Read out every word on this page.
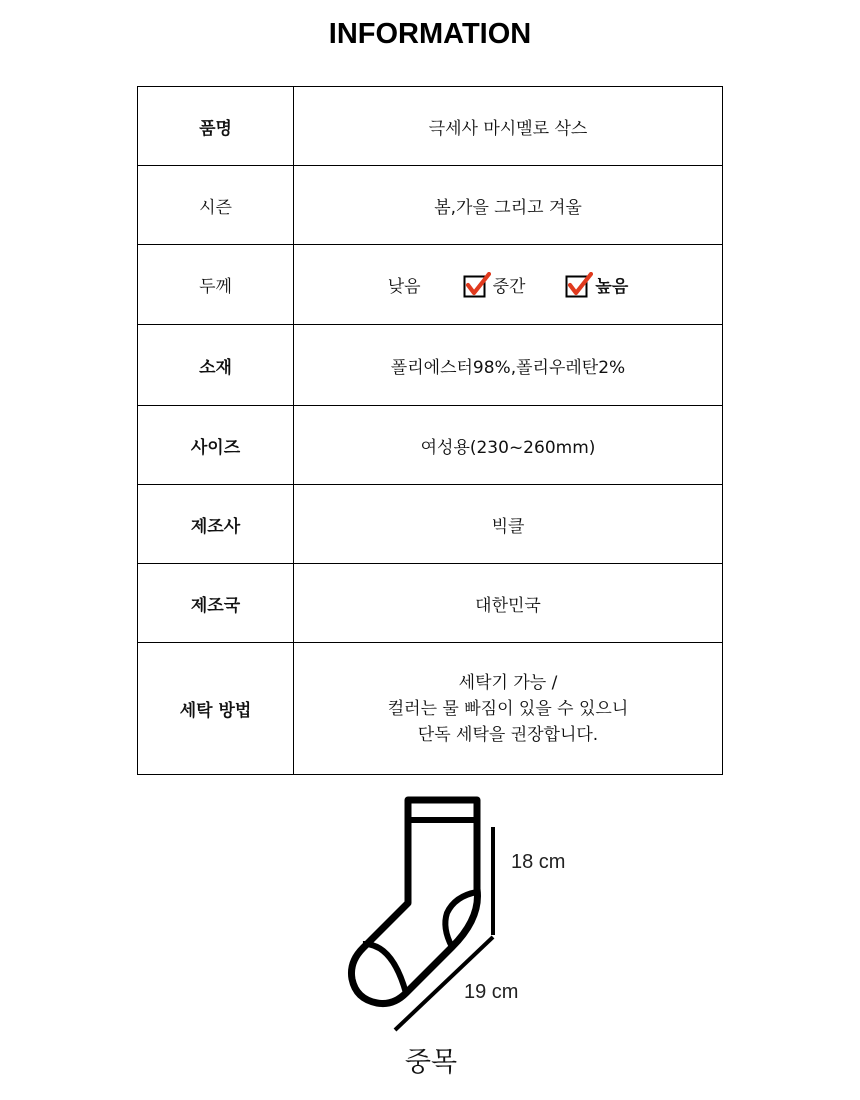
INFORMATION
품명	극세사 마시멜로 삭스
시즌	봄,가을 그리고 겨울
두께	낮음 중간 높음

소재	폴리에스터98%,폴리우레탄2%
사이즈	여성용(230~260mm)
제조사	빅클
제조국	대한민국
세탁 방법	세탁기 가능 /
컬러는 물 빠짐이 있을 수 있으니
단독 세탁을 권장합니다.
18 cm
19 cm
중목
